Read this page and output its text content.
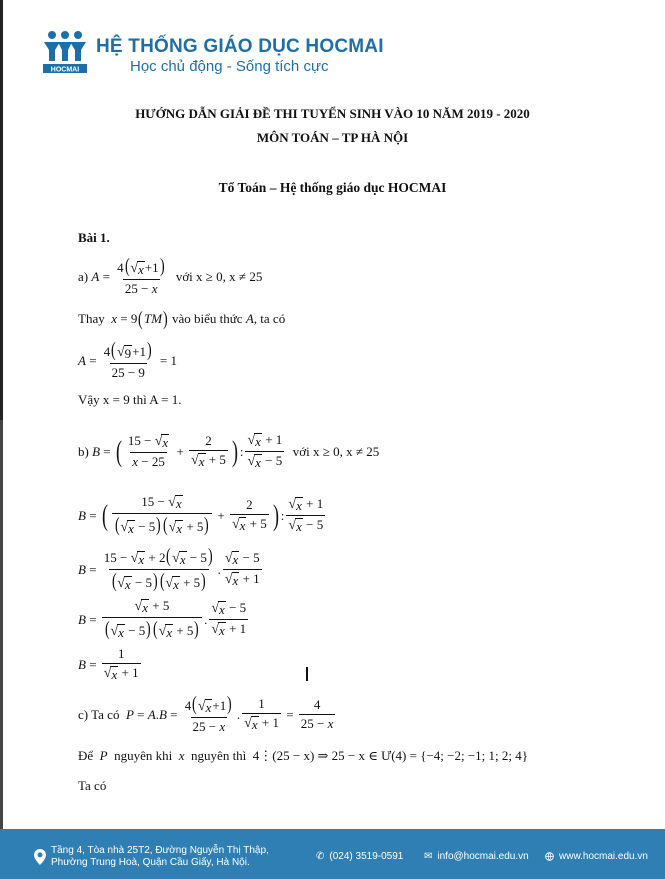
HOCMAI
HỆ THỐNG GIÁO DỤC HOCMAI
Học chủ động - Sống tích cực
HƯỚNG DẪN GIẢI ĐỀ THI TUYỂN SINH VÀO 10 NĂM 2019 - 2020
MÔN TOÁN – TP HÀ NỘI
Tổ Toán – Hệ thống giáo dục HOCMAI
Bài 1.
a)
$A = \frac{4( √ x +1)}{25 - x}$
với x ≥ 0, x ≠ 25
Thay
x = 9 ( TM )
vào biểu thức
A , ta có
$A = \frac{4( √ 9 +1)}{25 - 9} = 1$
Vậy x = 9 thì A = 1.
b)
B = ( $\frac{15 - √ x}{x - 25} + \frac{2}{√ x + 5}$ ) : $\frac{√ x + 1}{√ x - 5}$
với x ≥ 0, x ≠ 25
B = ( $\frac{15 - √ x}{( √ x - 5) ( √ x + 5)} + \frac{2}{√ x + 5}$ ) : $\frac{√ x + 1}{√ x - 5}$
$B = \frac{15 - √ x + 2( √ x - 5)}{( √ x - 5) ( √ x + 5)}$ . $\frac{√ x - 5}{√ x + 1}$
$B = \frac{√ x + 5}{( √ x - 5) ( √ x + 5)}$ . $\frac{√ x - 5}{√ x + 1}$
$B = \frac{1}{√ x + 1}$
c) Ta có
P = A . $B = \frac{4( √ x +1)}{25 - x}$ . $\frac{1}{√ x + 1} = \frac{4}{25 - x}$
Để
P
nguyên khi
x
nguyên thì
4⋮(25 − x) ⇒ 25 − x ∈ Ư(4) = {−4; −2; −1; 1; 2; 4}
Ta có
Tầng 4, Tòa nhà 25T2, Đường Nguyễn Thị Thập,
Phường Trung Hoà, Quận Cầu Giấy, Hà Nội.
✆ (024) 3519-0591 ✉ info@hocmai.edu.vn	www.hocmai.edu.vn
